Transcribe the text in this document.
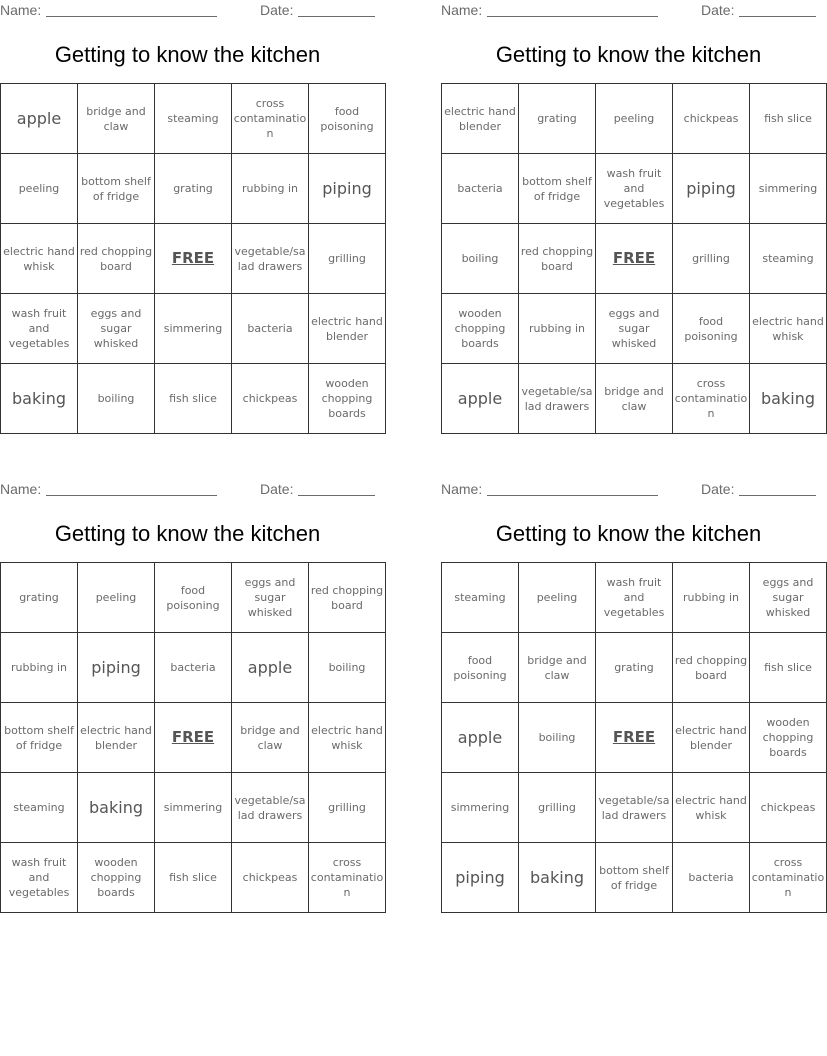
Name:	Date:
Getting to know the kitchen
apple	bridge and claw	steaming	cross contamination	food poisoning
peeling	bottom shelf of fridge	grating	rubbing in	piping
electric hand whisk	red chopping board	FREE	vegetable/salad drawers	grilling
wash fruit and vegetables	eggs and sugar whisked	simmering	bacteria	electric hand blender
baking	boiling	fish slice	chickpeas	wooden chopping boards
Name:	Date:
Getting to know the kitchen
electric hand blender	grating	peeling	chickpeas	fish slice
bacteria	bottom shelf of fridge	wash fruit and vegetables	piping	simmering
boiling	red chopping board	FREE	grilling	steaming
wooden chopping boards	rubbing in	eggs and sugar whisked	food poisoning	electric hand whisk
apple	vegetable/salad drawers	bridge and claw	cross contamination	baking
Name:	Date:
Getting to know the kitchen
grating	peeling	food poisoning	eggs and sugar whisked	red chopping board
rubbing in	piping	bacteria	apple	boiling
bottom shelf of fridge	electric hand blender	FREE	bridge and claw	electric hand whisk
steaming	baking	simmering	vegetable/salad drawers	grilling
wash fruit and vegetables	wooden chopping boards	fish slice	chickpeas	cross contamination
Name:	Date:
Getting to know the kitchen
steaming	peeling	wash fruit and vegetables	rubbing in	eggs and sugar whisked
food poisoning	bridge and claw	grating	red chopping board	fish slice
apple	boiling	FREE	electric hand blender	wooden chopping boards
simmering	grilling	vegetable/salad drawers	electric hand whisk	chickpeas
piping	baking	bottom shelf of fridge	bacteria	cross contamination
